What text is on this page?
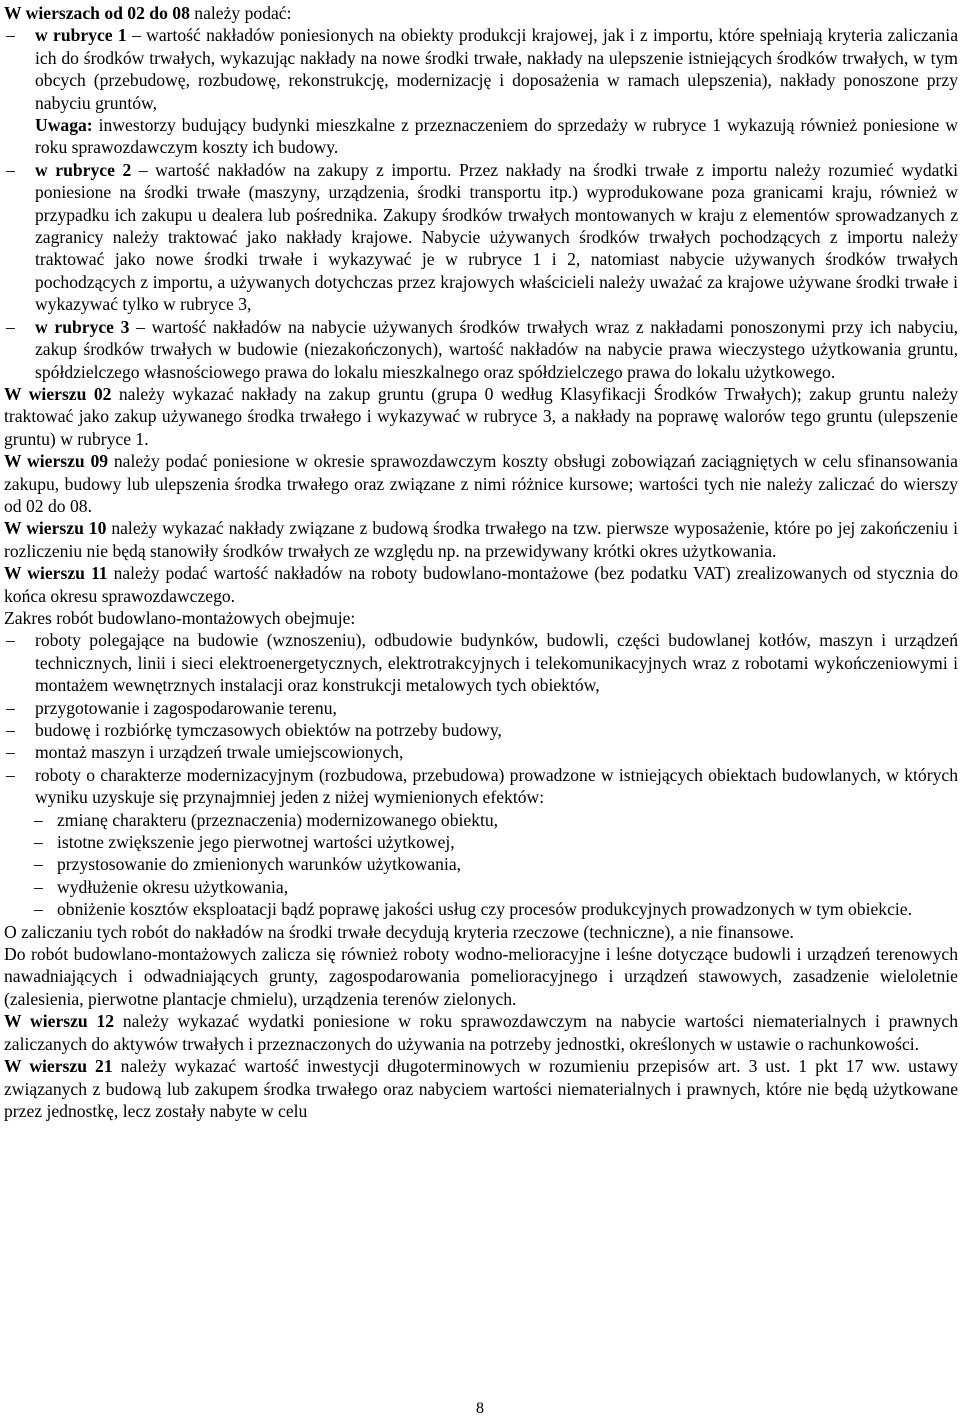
W wierszach od 02 do 08 należy podać:

– w rubryce 1 – wartość nakładów poniesionych na obiekty produkcji krajowej, jak i z importu, które spełniają kryteria zaliczania ich do środków trwałych, wykazując nakłady na nowe środki trwałe, nakłady na ulepszenie istniejących środków trwałych, w tym obcych (przebudowę, rozbudowę, rekonstrukcję, modernizację i doposażenia w ramach ulepszenia), nakłady ponoszone przy nabyciu gruntów,
Uwaga: inwestorzy budujący budynki mieszkalne z przeznaczeniem do sprzedaży w rubryce 1 wykazują również poniesione w roku sprawozdawczym koszty ich budowy.
– w rubryce 2 – wartość nakładów na zakupy z importu. Przez nakłady na środki trwałe z importu należy rozumieć wydatki poniesione na środki trwałe (maszyny, urządzenia, środki transportu itp.) wyprodukowane poza granicami kraju, również w przypadku ich zakupu u dealera lub pośrednika. Zakupy środków trwałych montowanych w kraju z elementów sprowadzanych z zagranicy należy traktować jako nakłady krajowe. Nabycie używanych środków trwałych pochodzących z importu należy traktować jako nowe środki trwałe i wykazywać je w rubryce 1 i 2, natomiast nabycie używanych środków trwałych pochodzących z importu, a używanych dotychczas przez krajowych właścicieli należy uważać za krajowe używane środki trwałe i wykazywać tylko w rubryce 3,
– w rubryce 3 – wartość nakładów na nabycie używanych środków trwałych wraz z nakładami ponoszonymi przy ich nabyciu, zakup środków trwałych w budowie (niezakończonych), wartość nakładów na nabycie prawa wieczystego użytkowania gruntu, spółdzielczego własnościowego prawa do lokalu mieszkalnego oraz spółdzielczego prawa do lokalu użytkowego.

W wierszu 02 należy wykazać nakłady na zakup gruntu (grupa 0 według Klasyfikacji Środków Trwałych); zakup gruntu należy traktować jako zakup używanego środka trwałego i wykazywać w rubryce 3, a nakłady na poprawę walorów tego gruntu (ulepszenie gruntu) w rubryce 1.

W wierszu 09 należy podać poniesione w okresie sprawozdawczym koszty obsługi zobowiązań zaciągniętych w celu sfinansowania zakupu, budowy lub ulepszenia środka trwałego oraz związane z nimi różnice kursowe; wartości tych nie należy zaliczać do wierszy od 02 do 08.

W wierszu 10 należy wykazać nakłady związane z budową środka trwałego na tzw. pierwsze wyposażenie, które po jej zakończeniu i rozliczeniu nie będą stanowiły środków trwałych ze względu np. na przewidywany krótki okres użytkowania.

W wierszu 11 należy podać wartość nakładów na roboty budowlano-montażowe (bez podatku VAT) zrealizowanych od stycznia do końca okresu sprawozdawczego.

Zakres robót budowlano-montażowych obejmuje:

– roboty polegające na budowie (wznoszeniu), odbudowie budynków, budowli, części budowlanej kotłów, maszyn i urządzeń technicznych, linii i sieci elektroenergetycznych, elektrotrakcyjnych i telekomunikacyjnych wraz z robotami wykończeniowymi i montażem wewnętrznych instalacji oraz konstrukcji metalowych tych obiektów,
– przygotowanie i zagospodarowanie terenu,
– budowę i rozbiórkę tymczasowych obiektów na potrzeby budowy,
– montaż maszyn i urządzeń trwale umiejscowionych,
– roboty o charakterze modernizacyjnym (rozbudowa, przebudowa) prowadzone w istniejących obiektach budowlanych, w których wyniku uzyskuje się przynajmniej jeden z niżej wymienionych efektów:
– zmianę charakteru (przeznaczenia) modernizowanego obiektu,
– istotne zwiększenie jego pierwotnej wartości użytkowej,
– przystosowanie do zmienionych warunków użytkowania,
– wydłużenie okresu użytkowania,
– obniżenie kosztów eksploatacji bądź poprawę jakości usług czy procesów produkcyjnych prowadzonych w tym obiekcie.

O zaliczaniu tych robót do nakładów na środki trwałe decydują kryteria rzeczowe (techniczne), a nie finansowe.

Do robót budowlano-montażowych zalicza się również roboty wodno-melioracyjne i leśne dotyczące budowli i urządzeń terenowych nawadniających i odwadniających grunty, zagospodarowania pomelioracyjnego i urządzeń stawowych, zasadzenie wieloletnie (zalesienia, pierwotne plantacje chmielu), urządzenia terenów zielonych.

W wierszu 12 należy wykazać wydatki poniesione w roku sprawozdawczym na nabycie wartości niematerialnych i prawnych zaliczanych do aktywów trwałych i przeznaczonych do używania na potrzeby jednostki, określonych w ustawie o rachunkowości.

W wierszu 21 należy wykazać wartość inwestycji długoterminowych w rozumieniu przepisów art. 3 ust. 1 pkt 17 ww. ustawy związanych z budową lub zakupem środka trwałego oraz nabyciem wartości niematerialnych i prawnych, które nie będą użytkowane przez jednostkę, lecz zostały nabyte w celu

8
